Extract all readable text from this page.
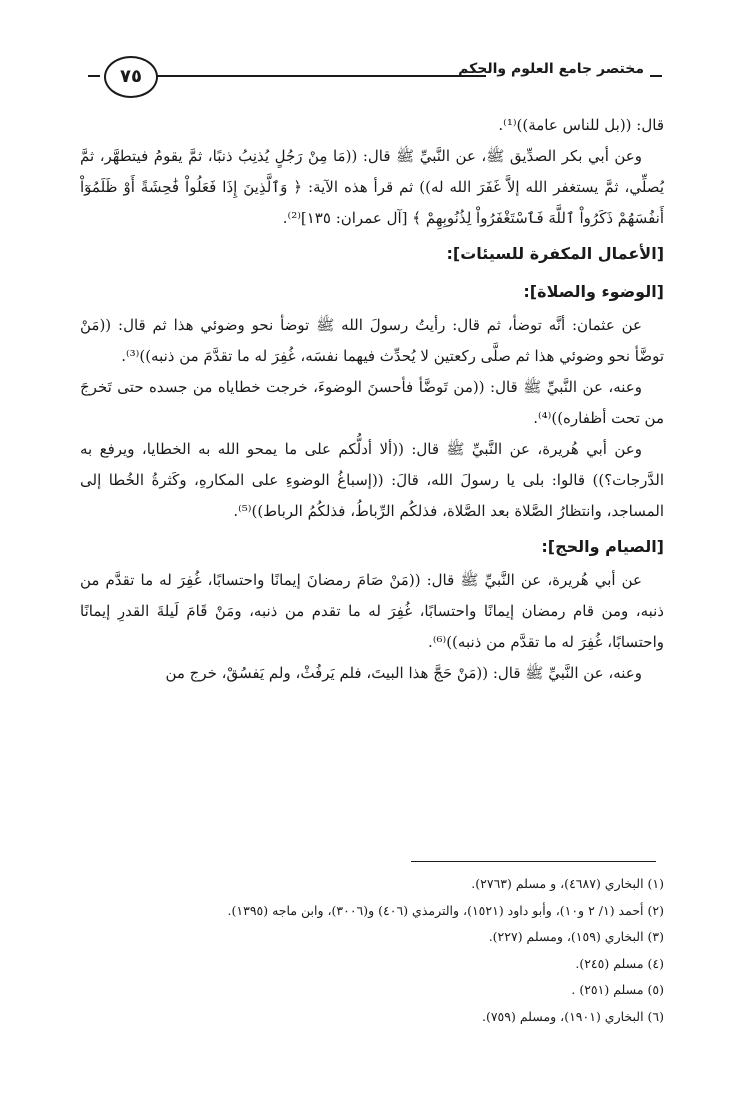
مختصر جامع العلوم والحكم
٧٥

قال: ((بل للناس عامة))⁽¹⁾.

وعن أبي بكر الصدِّيق ﷺ، عن النَّبيِّ ﷺ قال: ((مَا مِنْ رَجُلٍ يُذنِبُ ذنبًا، ثمَّ يقومُ فيتطهَّر، ثمَّ يُصلِّي، ثمَّ يستغفر الله إلاَّ غَفَرَ الله له)) ثم قرأ هذه الآية: ﴿ وَٱلَّذِينَ إِذَا فَعَلُواْ فَٰحِشَةً أَوْ ظَلَمُوٓاْ أَنفُسَهُمْ ذَكَرُواْ ٱللَّهَ فَٱسْتَغْفَرُواْ لِذُنُوبِهِمْ ﴾ [آل عمران: ١٣٥]⁽²⁾.

[الأعمال المكفرة للسيئات]:
[الوضوء والصلاة]:

عن عثمان: أنَّه توضأ، ثم قال: رأيتُ رسولَ الله ﷺ توضأ نحو وضوئي هذا ثم قال: ((مَنْ توضَّأ نحو وضوئي هذا ثم صلَّى ركعتين لا يُحدِّث فيهما نفسَه، غُفِرَ له ما تقدَّمَ من ذنبه))⁽³⁾.

وعنه، عن النَّبيِّ ﷺ قال: ((من تَوضَّأ فأحسنَ الوضوءَ، خرجت خطاياه من جسده حتى تَخرجَ من تحت أظفاره))⁽⁴⁾.

وعن أبي هُريرة، عن النَّبيِّ ﷺ قال: ((ألا أدلُّكم على ما يمحو الله به الخطايا، ويرفع به الدَّرجات؟)) قالوا: بلى يا رسولَ الله، قالَ: ((إسباغُ الوضوءِ على المكارهِ، وكَثرةُ الخُطا إلى المساجد، وانتظارُ الصَّلاة بعد الصَّلاة، فذلكُم الرِّباطُ، فذلكُمُ الرباط))⁽⁵⁾.

[الصيام والحج]:

عن أبي هُريرة، عن النَّبيِّ ﷺ قال: ((مَنْ صَامَ رمضانَ إيمانًا واحتسابًا، غُفِرَ له ما تقدَّم من ذنبه، ومن قام رمضان إيمانًا واحتسابًا، غُفِرَ له ما تقدم من ذنبه، ومَنْ قَامَ لَيلةَ القدرِ إيمانًا واحتسابًا، غُفِرَ له ما تقدَّم من ذنبه))⁽⁶⁾.

وعنه، عن النَّبيِّ ﷺ قال: ((مَنْ حَجَّ هذا البيتَ، فلم يَرفُثْ، ولم يَفسُقْ، خرج من

(١) البخاري (٤٦٨٧)، و مسلم (٢٧٦٣).

(٢) أحمد (١/ ٢ و١٠)، وأبو داود (١٥٢١)، والترمذي (٤٠٦) و(٣٠٠٦)، وابن ماجه (١٣٩٥).

(٣) البخاري (١٥٩)، ومسلم (٢٢٧).

(٤) مسلم (٢٤٥).

(٥) مسلم (٢٥١) .

(٦) البخاري (١٩٠١)، ومسلم (٧٥٩).
